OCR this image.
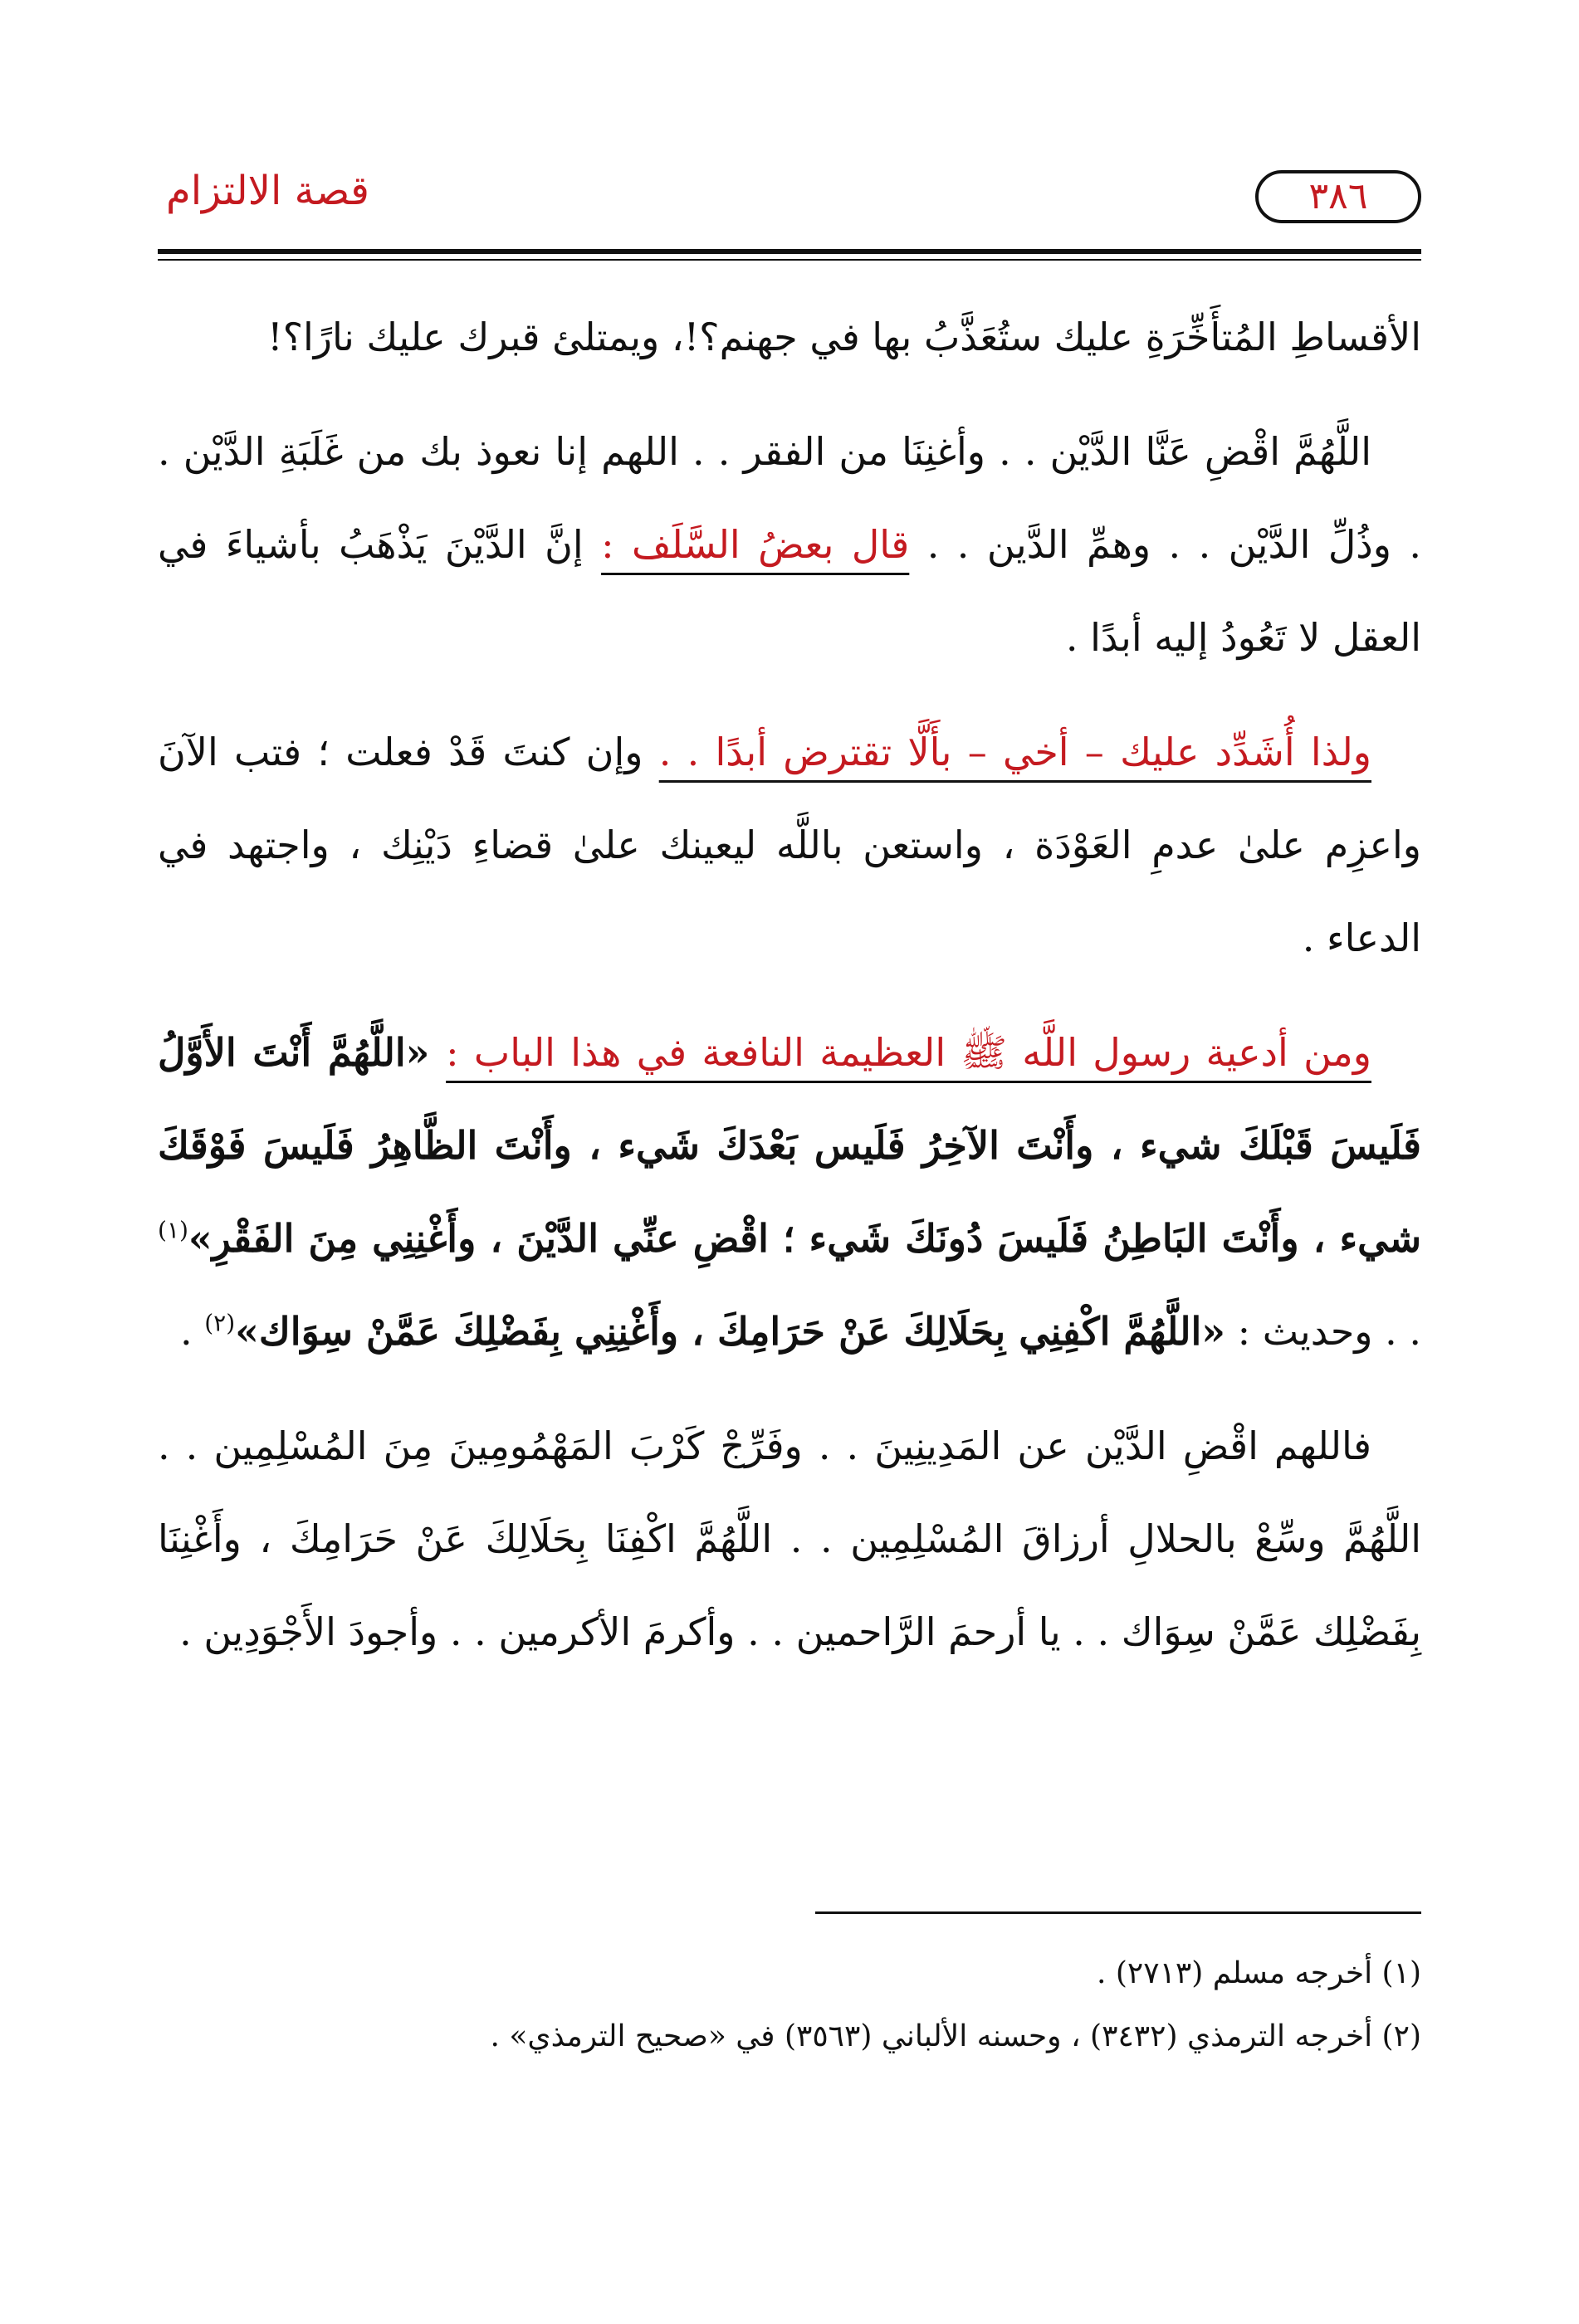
٣٨٦
قصة الالتزام

الأقساطِ المُتأَخِّرَةِ عليك ستُعَذَّبُ بها في جهنم؟!، ويمتلئ قبرك عليك نارًا؟!

اللَّهُمَّ اقْضِ عَنَّا الدَّيْن . . وأغنِنَا من الفقر . . اللهم إنا نعوذ بك من غَلَبَةِ الدَّيْن . . وذُلِّ الدَّيْن . . وهمِّ الدَّين . . قال بعضُ السَّلَف : إنَّ الدَّيْنَ يَذْهَبُ بأشياءَ في العقل لا تَعُودُ إليه أبدًا .

ولذا أُشَدِّد عليك – أخي – بأَلَّا تقترض أبدًا . . وإن كنتَ قَدْ فعلت ؛ فتب الآنَ واعزِم علىٰ عدمِ العَوْدَة ، واستعن باللَّه ليعينك علىٰ قضاءِ دَيْنِك ، واجتهد في الدعاء .

ومن أدعية رسول اللَّه ﷺ العظيمة النافعة في هذا الباب : «اللَّهُمَّ أَنْتَ الأَوَّلُ فَلَيسَ قَبْلَكَ شيء ، وأَنْتَ الآخِرُ فَلَيس بَعْدَكَ شَيء ، وأَنْتَ الظَّاهِرُ فَلَيسَ فَوْقَكَ شيء ، وأَنْتَ البَاطِنُ فَلَيسَ دُونَكَ شَيء ؛ اقْضِ عنِّي الدَّيْنَ ، وأَغْنِنِي مِنَ الفَقْرِ»$^{(١)}$ . . وحديث : «اللَّهُمَّ اكْفِنِي بِحَلَالِكَ عَنْ حَرَامِكَ ، وأَغْنِنِي بِفَضْلِكَ عَمَّنْ سِوَاك»$^{(٢)}$ .

فاللهم اقْضِ الدَّيْن عن المَدِينِينَ . . وفَرِّجْ كَرْبَ المَهْمُومِينَ مِنَ المُسْلِمِين . . اللَّهُمَّ وسِّعْ بالحلالِ أرزاقَ المُسْلِمِين . . اللَّهُمَّ اكْفِنَا بِحَلَالِكَ عَنْ حَرَامِكَ ، وأَغْنِنَا بِفَضْلِك عَمَّنْ سِوَاك . . يا أرحمَ الرَّاحمين . . وأكرمَ الأكرمين . . وأجودَ الأَجْوَدِين .

(١) أخرجه مسلم (٢٧١٣) .

(٢) أخرجه الترمذي (٣٤٣٢) ، وحسنه الألباني (٣٥٦٣) في «صحيح الترمذي» .
